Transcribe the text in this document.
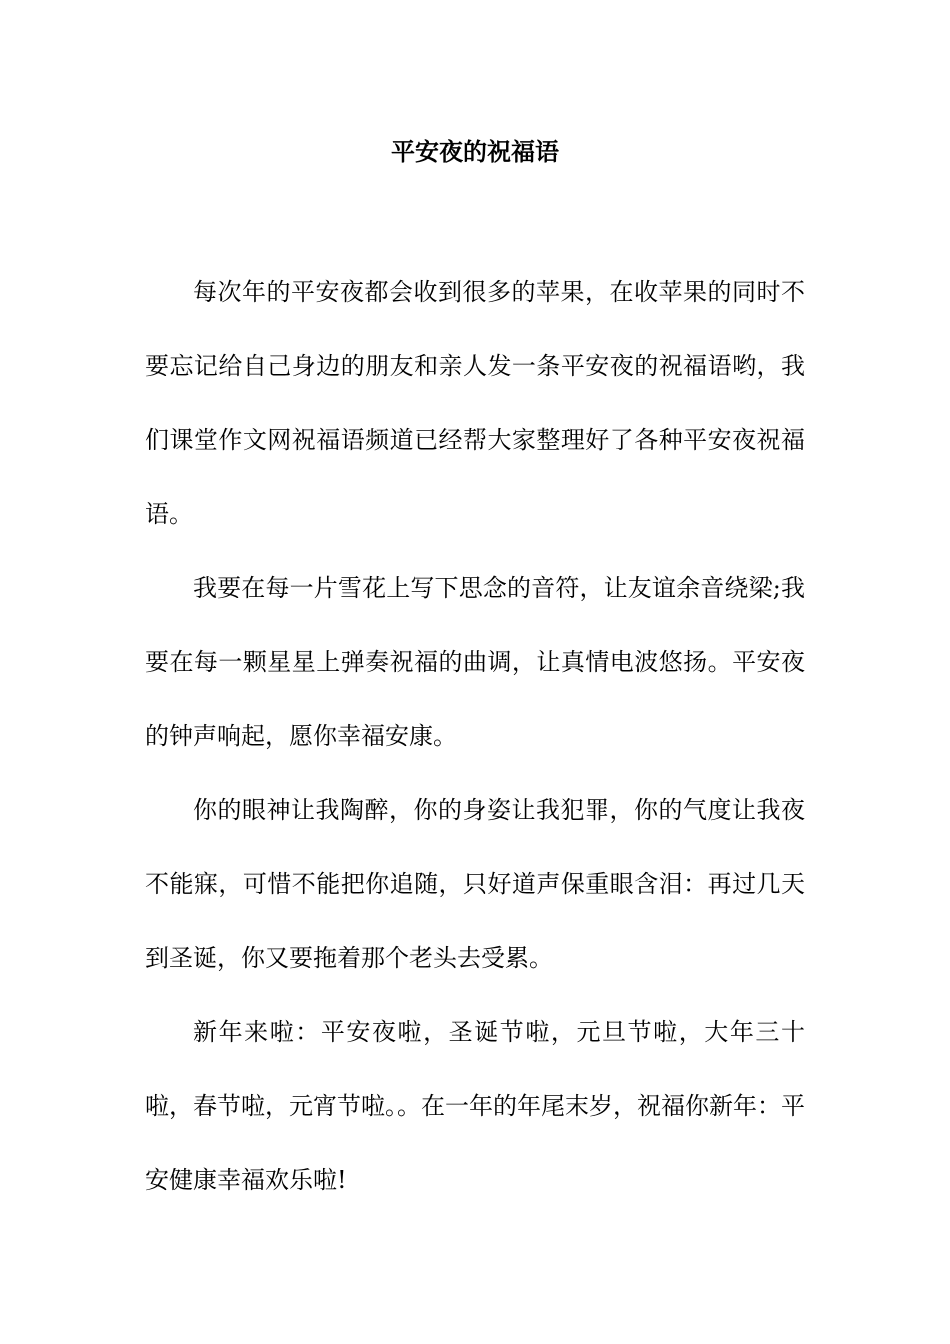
平安夜的祝福语

每次年的平安夜都会收到很多的苹果，在收苹果的同时不要忘记给自己身边的朋友和亲人发一条平安夜的祝福语哟，我们课堂作文网祝福语频道已经帮大家整理好了各种平安夜祝福语。

我要在每一片雪花上写下思念的音符，让友谊余音绕梁;我要在每一颗星星上弹奏祝福的曲调，让真情电波悠扬。平安夜的钟声响起，愿你幸福安康。

你的眼神让我陶醉，你的身姿让我犯罪，你的气度让我夜不能寐，可惜不能把你追随，只好道声保重眼含泪：再过几天到圣诞，你又要拖着那个老头去受累。

新年来啦：平安夜啦，圣诞节啦，元旦节啦，大年三十啦，春节啦，元宵节啦。。在一年的年尾末岁，祝福你新年：平安健康幸福欢乐啦!
